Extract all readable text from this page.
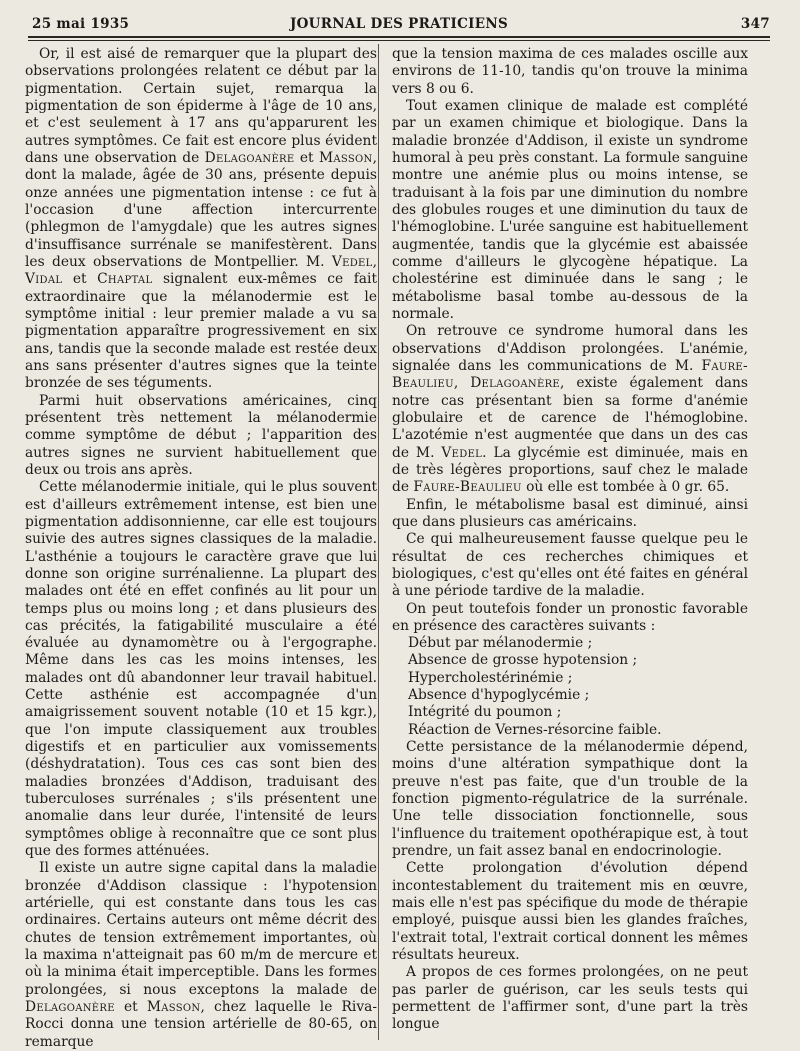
25 mai 1935	JOURNAL DES PRATICIENS	347

Or, il est aisé de remarquer que la plupart des observations prolongées relatent ce début par la pigmentation. Certain sujet, remarqua la pigmentation de son épiderme à l'âge de 10 ans, et c'est seulement à 17 ans qu'apparurent les autres symptômes. Ce fait est encore plus évident dans une observation de Delagoanère et Masson, dont la malade, âgée de 30 ans, présente depuis onze années une pigmentation intense : ce fut à l'occasion d'une affection intercurrente (phlegmon de l'amygdale) que les autres signes d'insuffisance surrénale se manifestèrent. Dans les deux observations de Montpellier. M. Vedel, Vidal et Chaptal signalent eux-mêmes ce fait extraordinaire que la mélanodermie est le symptôme initial : leur premier malade a vu sa pigmentation apparaître progressivement en six ans, tandis que la seconde malade est restée deux ans sans présenter d'autres signes que la teinte bronzée de ses téguments.

Parmi huit observations américaines, cinq présentent très nettement la mélanodermie comme symptôme de début ; l'apparition des autres signes ne survient habituellement que deux ou trois ans après.

Cette mélanodermie initiale, qui le plus souvent est d'ailleurs extrêmement intense, est bien une pigmentation addisonnienne, car elle est toujours suivie des autres signes classiques de la maladie. L'asthénie a toujours le caractère grave que lui donne son origine surrénalienne. La plupart des malades ont été en effet confinés au lit pour un temps plus ou moins long ; et dans plusieurs des cas précités, la fatigabilité musculaire a été évaluée au dynamomètre ou à l'ergographe. Même dans les cas les moins intenses, les malades ont dû abandonner leur travail habituel. Cette asthénie est accompagnée d'un amaigrissement souvent notable (10 et 15 kgr.), que l'on impute classiquement aux troubles digestifs et en particulier aux vomissements (déshydratation). Tous ces cas sont bien des maladies bronzées d'Addison, traduisant des tuberculoses surrénales ; s'ils présentent une anomalie dans leur durée, l'intensité de leurs symptômes oblige à reconnaître que ce sont plus que des formes atténuées.

Il existe un autre signe capital dans la maladie bronzée d'Addison classique : l'hypotension artérielle, qui est constante dans tous les cas ordinaires. Certains auteurs ont même décrit des chutes de tension extrêmement importantes, où la maxima n'atteignait pas 60 m/m de mercure et où la minima était imperceptible. Dans les formes prolongées, si nous exceptons la malade de Delagoanère et Masson, chez laquelle le Riva-Rocci donna une tension artérielle de 80-65, on remarque

que la tension maxima de ces malades oscille aux environs de 11-10, tandis qu'on trouve la minima vers 8 ou 6.

Tout examen clinique de malade est complété par un examen chimique et biologique. Dans la maladie bronzée d'Addison, il existe un syndrome humoral à peu près constant. La formule sanguine montre une anémie plus ou moins intense, se traduisant à la fois par une diminution du nombre des globules rouges et une diminution du taux de l'hémoglobine. L'urée sanguine est habituellement augmentée, tandis que la glycémie est abaissée comme d'ailleurs le glycogène hépatique. La cholestérine est diminuée dans le sang ; le métabolisme basal tombe au-dessous de la normale.

On retrouve ce syndrome humoral dans les observations d'Addison prolongées. L'anémie, signalée dans les communications de M. Faure-Beaulieu, Delagoanère, existe également dans notre cas présentant bien sa forme d'anémie globulaire et de carence de l'hémoglobine. L'azotémie n'est augmentée que dans un des cas de M. Vedel. La glycémie est diminuée, mais en de très légères proportions, sauf chez le malade de Faure-Beaulieu où elle est tombée à 0 gr. 65.

Enfin, le métabolisme basal est diminué, ainsi que dans plusieurs cas américains.

Ce qui malheureusement fausse quelque peu le résultat de ces recherches chimiques et biologiques, c'est qu'elles ont été faites en général à une période tardive de la maladie.

On peut toutefois fonder un pronostic favorable en présence des caractères suivants :

Début par mélanodermie ;

Absence de grosse hypotension ;

Hypercholestérinémie ;

Absence d'hypoglycémie ;

Intégrité du poumon ;

Réaction de Vernes-résorcine faible.

Cette persistance de la mélanodermie dépend, moins d'une altération sympathique dont la preuve n'est pas faite, que d'un trouble de la fonction pigmento-régulatrice de la surrénale. Une telle dissociation fonctionnelle, sous l'influence du traitement opothérapique est, à tout prendre, un fait assez banal en endocrinologie.

Cette prolongation d'évolution dépend incontestablement du traitement mis en œuvre, mais elle n'est pas spécifique du mode de thérapie employé, puisque aussi bien les glandes fraîches, l'extrait total, l'extrait cortical donnent les mêmes résultats heureux.

A propos de ces formes prolongées, on ne peut pas parler de guérison, car les seuls tests qui permettent de l'affirmer sont, d'une part la très longue
